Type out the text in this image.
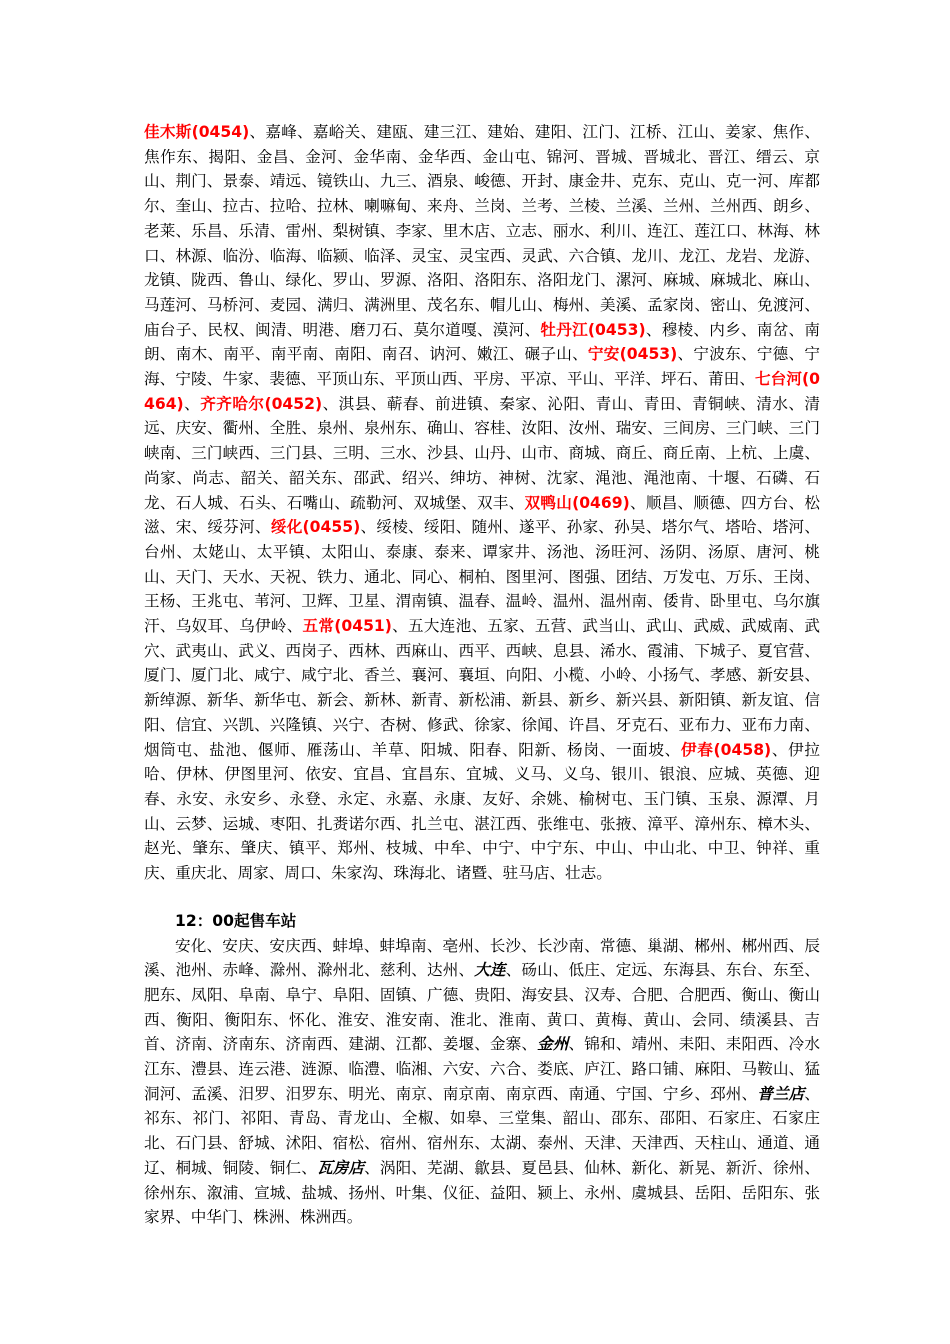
佳木斯(0454)、嘉峰、嘉峪关、建瓯、建三江、建始、建阳、江门、江桥、江山、姜家、焦作、焦作东、揭阳、金昌、金河、金华南、金华西、金山屯、锦河、晋城、晋城北、晋江、缙云、京山、荆门、景泰、靖远、镜铁山、九三、酒泉、峻德、开封、康金井、克东、克山、克一河、库都尔、奎山、拉古、拉哈、拉林、喇嘛甸、来舟、兰岗、兰考、兰棱、兰溪、兰州、兰州西、朗乡、老莱、乐昌、乐清、雷州、梨树镇、李家、里木店、立志、丽水、利川、连江、莲江口、林海、林口、林源、临汾、临海、临颍、临泽、灵宝、灵宝西、灵武、六合镇、龙川、龙江、龙岩、龙游、龙镇、陇西、鲁山、绿化、罗山、罗源、洛阳、洛阳东、洛阳龙门、漯河、麻城、麻城北、麻山、马莲河、马桥河、麦园、满归、满洲里、茂名东、帽儿山、梅州、美溪、孟家岗、密山、免渡河、庙台子、民权、闽清、明港、磨刀石、莫尔道嘎、漠河、牡丹江(0453)、穆棱、内乡、南岔、南朗、南木、南平、南平南、南阳、南召、讷河、嫩江、碾子山、宁安(0453)、宁波东、宁德、宁海、宁陵、牛家、裴德、平顶山东、平顶山西、平房、平凉、平山、平洋、坪石、莆田、七台河(0464)、齐齐哈尔(0452)、淇县、蕲春、前进镇、秦家、沁阳、青山、青田、青铜峡、清水、清远、庆安、衢州、全胜、泉州、泉州东、确山、容桂、汝阳、汝州、瑞安、三间房、三门峡、三门峡南、三门峡西、三门县、三明、三水、沙县、山丹、山市、商城、商丘、商丘南、上杭、上虞、尚家、尚志、韶关、韶关东、邵武、绍兴、绅坊、神树、沈家、渑池、渑池南、十堰、石磷、石龙、石人城、石头、石嘴山、疏勒河、双城堡、双丰、双鸭山(0469)、顺昌、顺德、四方台、松滋、宋、绥芬河、绥化(0455)、绥棱、绥阳、随州、遂平、孙家、孙吴、塔尔气、塔哈、塔河、台州、太姥山、太平镇、太阳山、泰康、泰来、谭家井、汤池、汤旺河、汤阴、汤原、唐河、桃山、天门、天水、天祝、铁力、通北、同心、桐柏、图里河、图强、团结、万发屯、万乐、王岗、王杨、王兆屯、苇河、卫辉、卫星、渭南镇、温春、温岭、温州、温州南、倭肯、卧里屯、乌尔旗汗、乌奴耳、乌伊岭、五常(0451)、五大连池、五家、五营、武当山、武山、武威、武威南、武穴、武夷山、武义、西岗子、西林、西麻山、西平、西峡、息县、浠水、霞浦、下城子、夏官营、厦门、厦门北、咸宁、咸宁北、香兰、襄河、襄垣、向阳、小榄、小岭、小扬气、孝感、新安县、新绰源、新华、新华屯、新会、新林、新青、新松浦、新县、新乡、新兴县、新阳镇、新友谊、信阳、信宜、兴凯、兴隆镇、兴宁、杏树、修武、徐家、徐闻、许昌、牙克石、亚布力、亚布力南、烟筒屯、盐池、偃师、雁荡山、羊草、阳城、阳春、阳新、杨岗、一面坡、伊春(0458)、伊拉哈、伊林、伊图里河、依安、宜昌、宜昌东、宜城、义马、义乌、银川、银浪、应城、英德、迎春、永安、永安乡、永登、永定、永嘉、永康、友好、余姚、榆树屯、玉门镇、玉泉、源潭、月山、云梦、运城、枣阳、扎赉诺尔西、扎兰屯、湛江西、张维屯、张掖、漳平、漳州东、樟木头、赵光、肇东、肇庆、镇平、郑州、枝城、中牟、中宁、中宁东、中山、中山北、中卫、钟祥、重庆、重庆北、周家、周口、朱家沟、珠海北、诸暨、驻马店、壮志。

12：00起售车站

安化、安庆、安庆西、蚌埠、蚌埠南、亳州、长沙、长沙南、常德、巢湖、郴州、郴州西、辰溪、池州、赤峰、滁州、滁州北、慈利、达州、大连、砀山、低庄、定远、东海县、东台、东至、肥东、凤阳、阜南、阜宁、阜阳、固镇、广德、贵阳、海安县、汉寿、合肥、合肥西、衡山、衡山西、衡阳、衡阳东、怀化、淮安、淮安南、淮北、淮南、黄口、黄梅、黄山、会同、绩溪县、吉首、济南、济南东、济南西、建湖、江都、姜堰、金寨、金州、锦和、靖州、耒阳、耒阳西、冷水江东、澧县、连云港、涟源、临澧、临湘、六安、六合、娄底、庐江、路口铺、麻阳、马鞍山、猛洞河、孟溪、汨罗、汨罗东、明光、南京、南京南、南京西、南通、宁国、宁乡、邳州、普兰店、祁东、祁门、祁阳、青岛、青龙山、全椒、如皋、三堂集、韶山、邵东、邵阳、石家庄、石家庄北、石门县、舒城、沭阳、宿松、宿州、宿州东、太湖、泰州、天津、天津西、天柱山、通道、通辽、桐城、铜陵、铜仁、瓦房店、涡阳、芜湖、歙县、夏邑县、仙林、新化、新晃、新沂、徐州、徐州东、溆浦、宣城、盐城、扬州、叶集、仪征、益阳、颍上、永州、虞城县、岳阳、岳阳东、张家界、中华门、株洲、株洲西。
